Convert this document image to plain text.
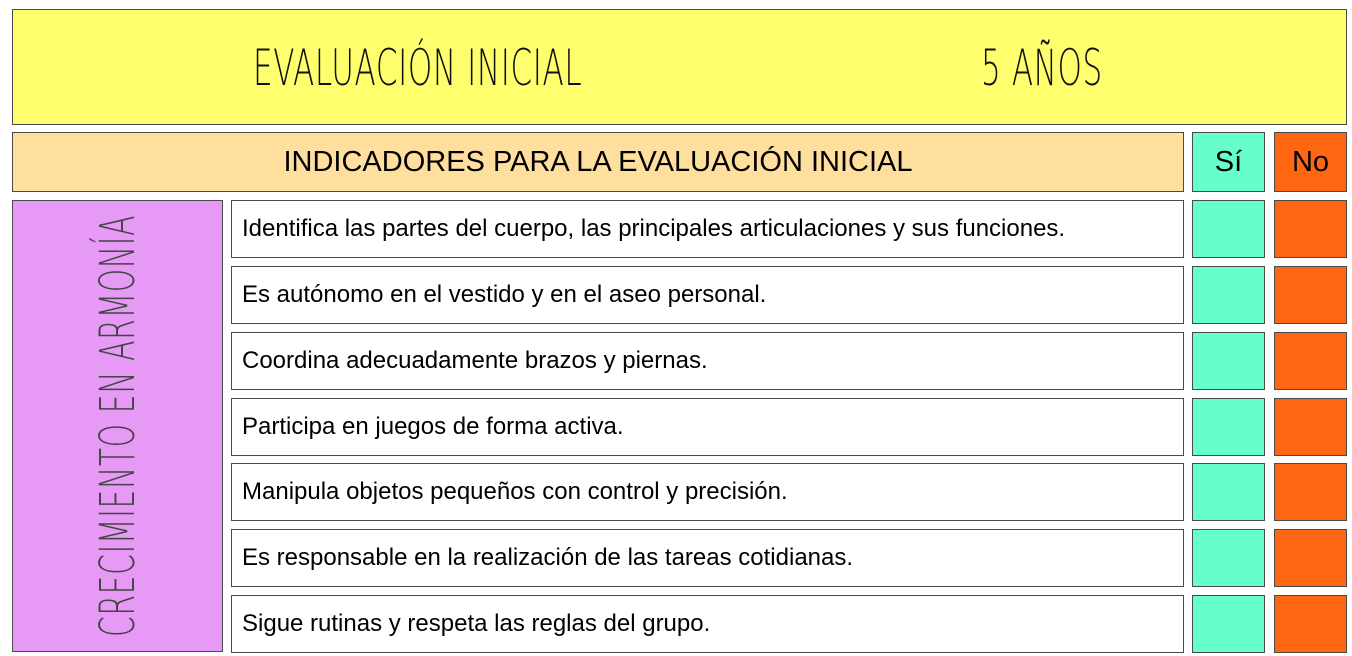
EVALUACIÓN INICIAL	5 AÑOS
INDICADORES PARA LA EVALUACIÓN INICIAL	Sí	No
CRECIMIENTO EN ARMONÍA	Identifica las partes del cuerpo, las principales articulaciones y sus funciones.
Es autónomo en el vestido y en el aseo personal.
Coordina adecuadamente brazos y piernas.
Participa en juegos de forma activa.
Manipula objetos pequeños con control y precisión.
Es responsable en la realización de las tareas cotidianas.
Sigue rutinas y respeta las reglas del grupo.
